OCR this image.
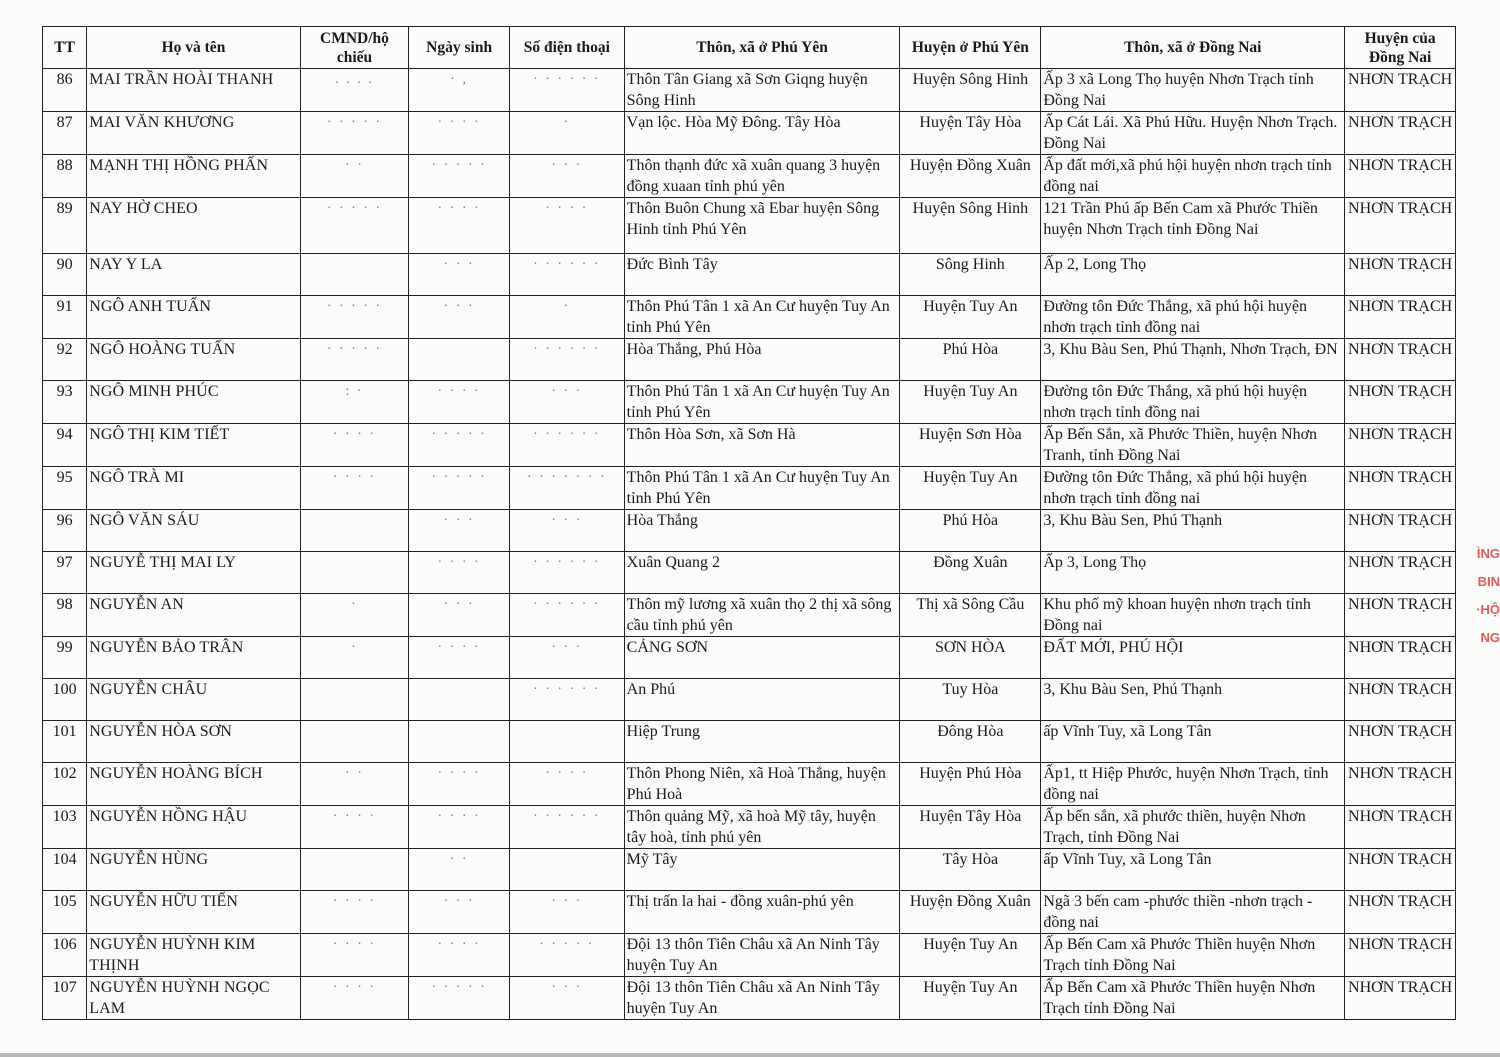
TT	Họ và tên	CMND/hộ chiếu	Ngày sinh	Số điện thoại	Thôn, xã ở Phú Yên	Huyện ở Phú Yên	Thôn, xã ở Đồng Nai	Huyện của Đồng Nai
86	MAI TRẦN HOÀI THANH	. . . .	· ,	· · · · · ·	Thôn Tân Giang xã Sơn Giqng huyện Sông Hinh	Huyện Sông Hinh	Ấp 3 xã Long Thọ huyện Nhơn Trạch tỉnh Đồng Nai	NHƠN TRẠCH
87	MAI VĂN KHƯƠNG	· · · · ·	· · · ·	·	Vạn lộc. Hòa Mỹ Đông. Tây Hòa	Huyện Tây Hòa	Ấp Cát Lái. Xã Phú Hữu. Huyện Nhơn Trạch. Đồng Nai	NHƠN TRẠCH
88	MẠNH THỊ HỒNG PHẤN	· ·	· · · · ·	· · ·	Thôn thạnh đức xã xuân quang 3 huyện đồng xuaan tỉnh phú yên	Huyện Đồng Xuân	Ấp đất mới,xã phú hội huyện nhơn trạch tỉnh đồng nai	NHƠN TRẠCH
89	NAY HỜ CHEO	· · · · ·	· · · ·	· · · ·	Thôn Buôn Chung xã Ebar huyện Sông Hinh tỉnh Phú Yên	Huyện Sông Hinh	121 Trần Phú ấp Bến Cam xã Phước Thiền huyện Nhơn Trạch tỉnh Đồng Nai	NHƠN TRẠCH
90	NAY Y LA		· · ·	· · · · · ·	Đức Bình Tây	Sông Hinh	Ấp 2, Long Thọ	NHƠN TRẠCH
91	NGÔ ANH TUẤN	· · · · ·	· · ·	·	Thôn Phú Tân 1 xã An Cư huyện Tuy An tỉnh Phú Yên	Huyện Tuy An	Đường tôn Đức Thắng, xã phú hội huyện nhơn trạch tỉnh đồng nai	NHƠN TRẠCH
92	NGÔ HOÀNG TUẤN	· · · · ·		· · · · · ·	Hòa Thắng, Phú Hòa	Phú Hòa	3, Khu Bàu Sen, Phú Thạnh, Nhơn Trạch, ĐN	NHƠN TRẠCH
93	NGÔ MINH PHÚC	: ·	· · · ·	· · ·	Thôn Phú Tân 1 xã An Cư huyện Tuy An tỉnh Phú Yên	Huyện Tuy An	Đường tôn Đức Thắng, xã phú hội huyện nhơn trạch tỉnh đồng nai	NHƠN TRẠCH
94	NGÔ THỊ KIM TIẾT	· · · ·	· · · · ·	· · · · · ·	Thôn Hòa Sơn, xã Sơn Hà	Huyện Sơn Hòa	Ấp Bến Sắn, xã Phước Thiền, huyện Nhơn Tranh, tỉnh Đồng Nai	NHƠN TRẠCH
95	NGÔ TRÀ MI	· · · ·	· · · · ·	· · · · · · ·	Thôn Phú Tân 1 xã An Cư huyện Tuy An tỉnh Phú Yên	Huyện Tuy An	Đường tôn Đức Thắng, xã phú hội huyện nhơn trạch tỉnh đồng nai	NHƠN TRẠCH
96	NGÔ VĂN SÁU		· · ·	· · ·	Hòa Thắng	Phú Hòa	3, Khu Bàu Sen, Phú Thạnh	NHƠN TRẠCH
97	NGUYỄ THỊ MAI LY		· · · ·	· · · · · ·	Xuân Quang 2	Đồng Xuân	Ấp 3, Long Thọ	NHƠN TRẠCH
98	NGUYỄN AN	·	· · ·	· · · · · ·	Thôn mỹ lương xã xuân thọ 2 thị xã sông cầu tỉnh phú yên	Thị xã Sông Cầu	Khu phố mỹ khoan huyện nhơn trạch tỉnh Đồng nai	NHƠN TRẠCH
99	NGUYỄN BẢO TRÂN	·	· · · ·	· · ·	CẢNG SƠN	SƠN HÒA	ĐẤT MỚI, PHÚ HỘI	NHƠN TRẠCH
100	NGUYỄN CHÂU			· · · · · ·	An Phú	Tuy Hòa	3, Khu Bàu Sen, Phú Thạnh	NHƠN TRẠCH
101	NGUYỄN HÒA SƠN				Hiệp Trung	Đông Hòa	ấp Vĩnh Tuy, xã Long Tân	NHƠN TRẠCH
102	NGUYỄN HOÀNG BÍCH	· ·	· · · ·	· · · ·	Thôn Phong Niên, xã Hoà Thắng, huyện Phú Hoà	Huyện Phú Hòa	Ấp1, tt Hiệp Phước, huyện Nhơn Trạch, tỉnh đồng nai	NHƠN TRẠCH
103	NGUYỄN HỒNG HẬU	· · · ·	· · · ·	· · · · · ·	Thôn quảng Mỹ, xã hoà Mỹ tây, huyện tây hoà, tỉnh phú yên	Huyện Tây Hòa	Ấp bến sắn, xã phước thiền, huyện Nhơn Trạch, tỉnh Đồng Nai	NHƠN TRẠCH
104	NGUYỄN HÙNG		· ·		Mỹ Tây	Tây Hòa	ấp Vĩnh Tuy, xã Long Tân	NHƠN TRẠCH
105	NGUYỄN HỮU TIẾN	· · · ·	· · ·	· · ·	Thị trấn la hai - đồng xuân-phú yên	Huyện Đồng Xuân	Ngã 3 bến cam -phước thiền -nhơn trạch - đồng nai	NHƠN TRẠCH
106	NGUYỄN HUỲNH KIM THỊNH	· · · ·	· · · ·	· · · · ·	Đội 13 thôn Tiên Châu xã An Ninh Tây huyện Tuy An	Huyện Tuy An	Ấp Bến Cam xã Phước Thiền huyện Nhơn Trạch tỉnh Đồng Nai	NHƠN TRẠCH
107	NGUYỄN HUỲNH NGỌC LAM	· · · ·	· · · · ·	· · ·	Đội 13 thôn Tiên Châu xã An Ninh Tây huyện Tuy An	Huyện Tuy An	Ấp Bến Cam xã Phước Thiền huyện Nhơn Trạch tỉnh Đồng Nai	NHƠN TRẠCH
ÌNG
BIN
·HỘ
NG
